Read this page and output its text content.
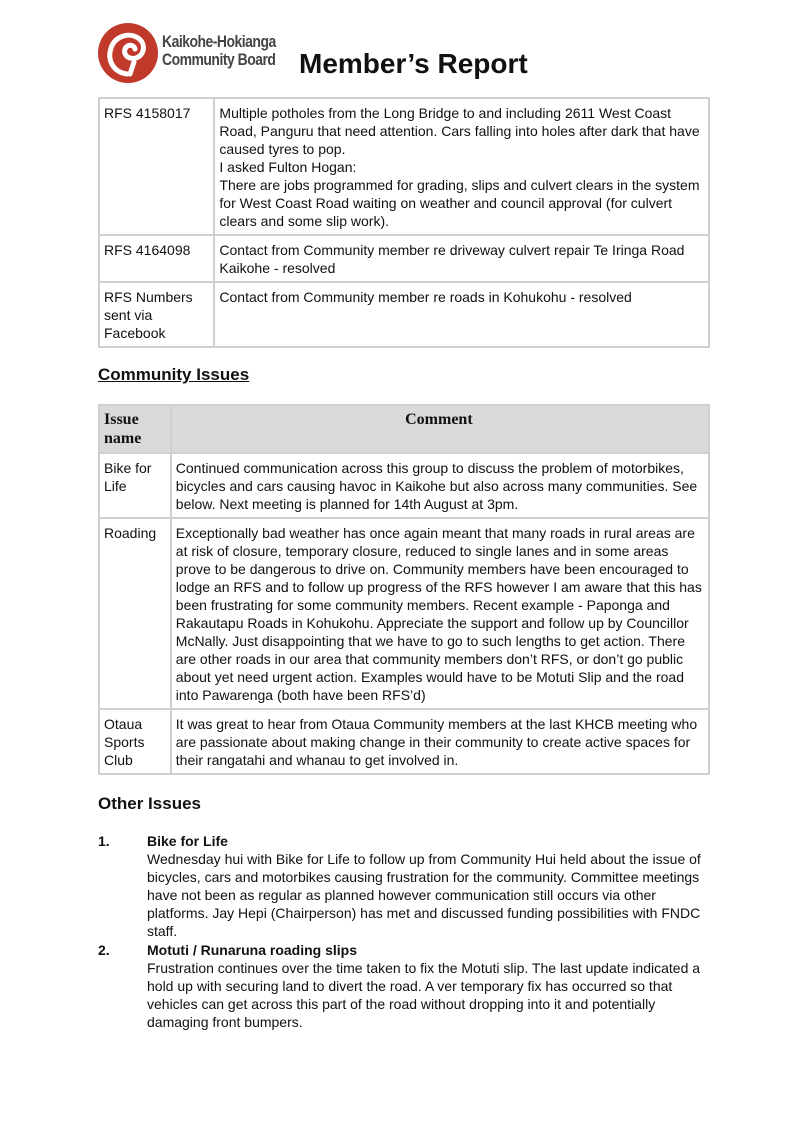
Kaikohe-Hokianga
Community Board Member’s Report
RFS 4158017	Multiple potholes from the Long Bridge to and including 2611 West Coast Road, Panguru that need attention. Cars falling into holes after dark that have caused tyres to pop.
I asked Fulton Hogan:
There are jobs programmed for grading, slips and culvert clears in the system for West Coast Road waiting on weather and council approval (for culvert clears and some slip work).
RFS 4164098	Contact from Community member re driveway culvert repair Te Iringa Road Kaikohe - resolved
RFS Numbers sent via Facebook	Contact from Community member re roads in Kohukohu - resolved
Community Issues
Issue name	Comment
Bike for Life	Continued communication across this group to discuss the problem of motorbikes, bicycles and cars causing havoc in Kaikohe but also across many communities. See below. Next meeting is planned for 14th August at 3pm.
Roading	Exceptionally bad weather has once again meant that many roads in rural areas are at risk of closure, temporary closure, reduced to single lanes and in some areas prove to be dangerous to drive on. Community members have been encouraged to lodge an RFS and to follow up progress of the RFS however I am aware that this has been frustrating for some community members. Recent example - Paponga and Rakautapu Roads in Kohukohu. Appreciate the support and follow up by Councillor McNally. Just disappointing that we have to go to such lengths to get action. There are other roads in our area that community members don’t RFS, or don’t go public about yet need urgent action. Examples would have to be Motuti Slip and the road into Pawarenga (both have been RFS’d)
Otaua Sports Club	It was great to hear from Otaua Community members at the last KHCB meeting who are passionate about making change in their community to create active spaces for their rangatahi and whanau to get involved in.
Other Issues
1.	Bike for Life
Wednesday hui with Bike for Life to follow up from Community Hui held about the issue of bicycles, cars and motorbikes causing frustration for the community. Committee meetings have not been as regular as planned however communication still occurs via other platforms. Jay Hepi (Chairperson) has met and discussed funding possibilities with FNDC staff.
2.	Motuti / Runaruna roading slips
Frustration continues over the time taken to fix the Motuti slip. The last update indicated a hold up with securing land to divert the road. A ver temporary fix has occurred so that vehicles can get across this part of the road without dropping into it and potentially damaging front bumpers.
